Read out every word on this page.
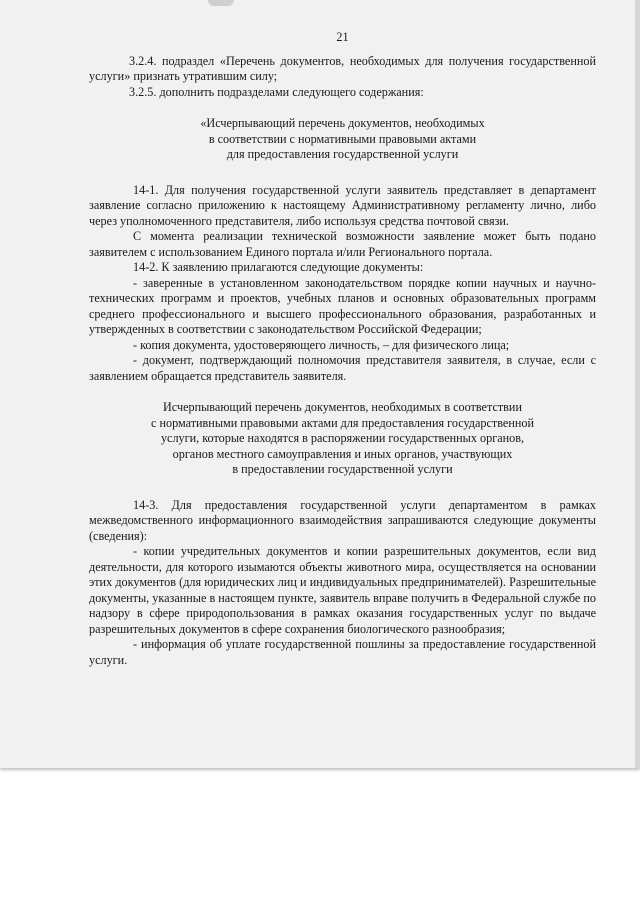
21

3.2.4. подраздел «Перечень документов, необходимых для получения государственной услуги» признать утратившим силу;

3.2.5. дополнить подразделами следующего содержания:

«Исчерпывающий перечень документов, необходимых
в соответствии с нормативными правовыми актами
для предоставления государственной услуги

14-1. Для получения государственной услуги заявитель представляет в департамент заявление согласно приложению к настоящему Административному регламенту лично, либо через уполномоченного представителя, либо используя средства почтовой связи.

С момента реализации технической возможности заявление может быть подано заявителем с использованием Единого портала и/или Регионального портала.

14-2. К заявлению прилагаются следующие документы:

- заверенные в установленном законодательством порядке копии научных и научно-технических программ и проектов, учебных планов и основных образовательных программ среднего профессионального и высшего профессионального образования, разработанных и утвержденных в соответствии с законодательством Российской Федерации;

- копия документа, удостоверяющего личность, – для физического лица;

- документ, подтверждающий полномочия представителя заявителя, в случае, если с заявлением обращается представитель заявителя.

Исчерпывающий перечень документов, необходимых в соответствии
с нормативными правовыми актами для предоставления государственной
услуги, которые находятся в распоряжении государственных органов,
органов местного самоуправления и иных органов, участвующих
в предоставлении государственной услуги

14-3. Для предоставления государственной услуги департаментом в рамках межведомственного информационного взаимодействия запрашиваются следующие документы (сведения):

- копии учредительных документов и копии разрешительных документов, если вид деятельности, для которого изымаются объекты животного мира, осуществляется на основании этих документов (для юридических лиц и индивидуальных предпринимателей). Разрешительные документы, указанные в настоящем пункте, заявитель вправе получить в Федеральной службе по надзору в сфере природопользования в рамках оказания государственных услуг по выдаче разрешительных документов в сфере сохранения биологического разнообразия;

- информация об уплате государственной пошлины за предоставление государственной услуги.
